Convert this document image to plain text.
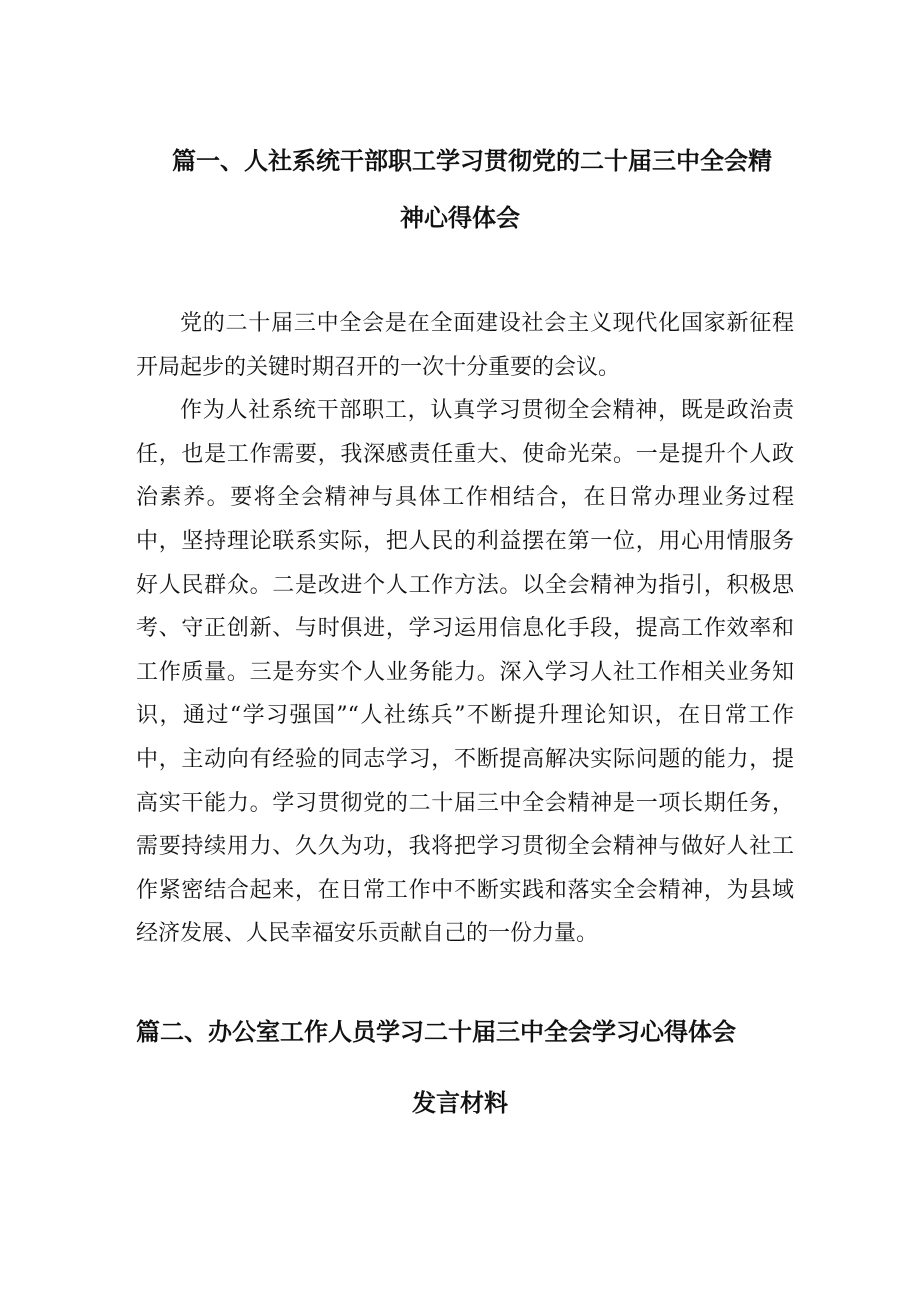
篇一、人社系统干部职工学习贯彻党的二十届三中全会精
神心得体会

党的二十届三中全会是在全面建设社会主义现代化国家新征程开局起步的关键时期召开的一次十分重要的会议。

作为人社系统干部职工，认真学习贯彻全会精神，既是政治责任，也是工作需要，我深感责任重大、使命光荣。一是提升个人政治素养。要将全会精神与具体工作相结合，在日常办理业务过程中，坚持理论联系实际，把人民的利益摆在第一位，用心用情服务好人民群众。二是改进个人工作方法。以全会精神为指引，积极思考、守正创新、与时俱进，学习运用信息化手段，提高工作效率和工作质量。三是夯实个人业务能力。深入学习人社工作相关业务知识，通过“学习强国”“人社练兵”不断提升理论知识，在日常工作中，主动向有经验的同志学习，不断提高解决实际问题的能力，提高实干能力。学习贯彻党的二十届三中全会精神是一项长期任务，需要持续用力、久久为功，我将把学习贯彻全会精神与做好人社工作紧密结合起来，在日常工作中不断实践和落实全会精神，为县域经济发展、人民幸福安乐贡献自己的一份力量。

篇二、办公室工作人员学习二十届三中全会学习心得体会
发言材料
